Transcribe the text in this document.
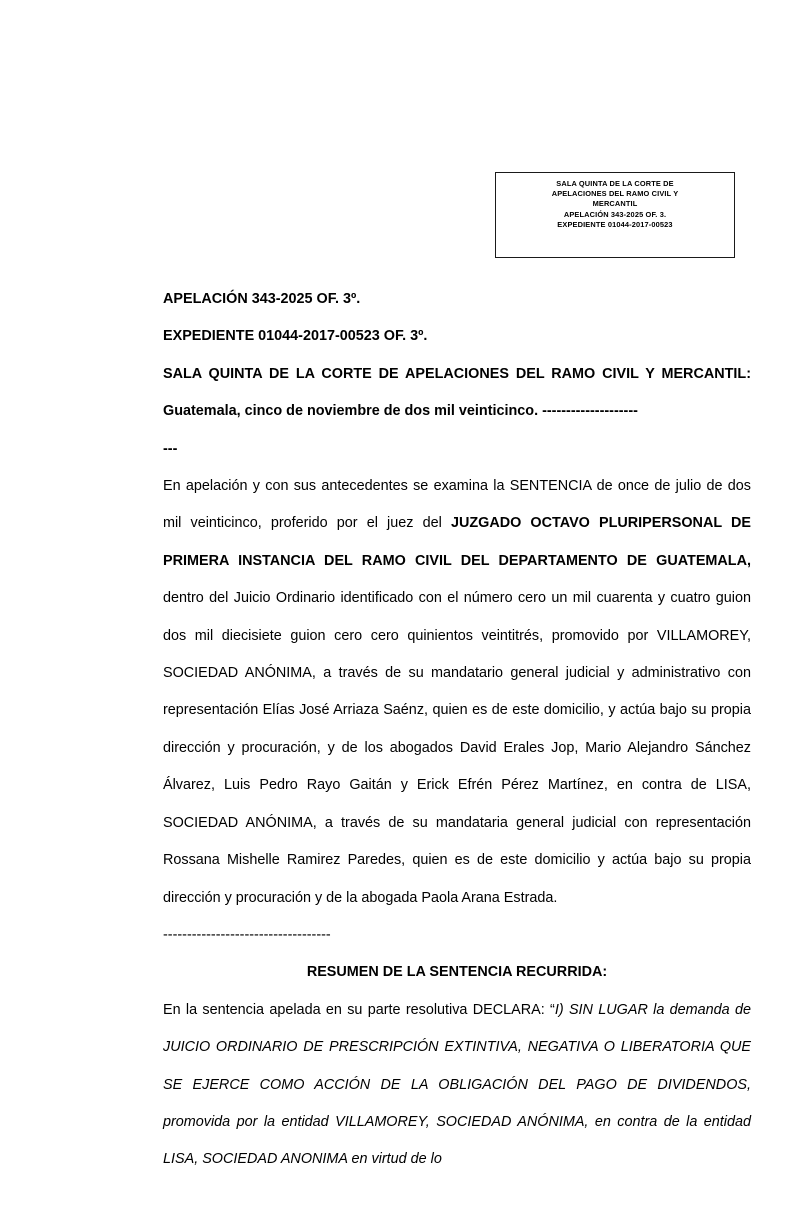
SALA QUINTA DE LA CORTE DE
APELACIONES DEL RAMO CIVIL Y
MERCANTIL
APELACIÓN 343-2025 OF. 3.
EXPEDIENTE 01044-2017-00523
APELACIÓN 343-2025 OF. 3º.
EXPEDIENTE 01044-2017-00523 OF. 3º.
SALA QUINTA DE LA CORTE DE APELACIONES DEL RAMO CIVIL Y MERCANTIL: Guatemala, cinco de noviembre de dos mil veinticinco. --------------------
---
En apelación y con sus antecedentes se examina la SENTENCIA de once de julio de dos mil veinticinco, proferido por el juez del JUZGADO OCTAVO PLURIPERSONAL DE PRIMERA INSTANCIA DEL RAMO CIVIL DEL DEPARTAMENTO DE GUATEMALA, dentro del Juicio Ordinario identificado con el número cero un mil cuarenta y cuatro guion dos mil diecisiete guion cero cero quinientos veintitrés, promovido por VILLAMOREY, SOCIEDAD ANÓNIMA, a través de su mandatario general judicial y administrativo con representación Elías José Arriaza Saénz, quien es de este domicilio, y actúa bajo su propia dirección y procuración, y de los abogados David Erales Jop, Mario Alejandro Sánchez Álvarez, Luis Pedro Rayo Gaitán y Erick Efrén Pérez Martínez, en contra de LISA, SOCIEDAD ANÓNIMA, a través de su mandataria general judicial con representación Rossana Mishelle Ramirez Paredes, quien es de este domicilio y actúa bajo su propia dirección y procuración y de la abogada Paola Arana Estrada.
-----------------------------------
RESUMEN DE LA SENTENCIA RECURRIDA:
En la sentencia apelada en su parte resolutiva DECLARA: “I) SIN LUGAR la demanda de JUICIO ORDINARIO DE PRESCRIPCIÓN EXTINTIVA, NEGATIVA O LIBERATORIA QUE SE EJERCE COMO ACCIÓN DE LA OBLIGACIÓN DEL PAGO DE DIVIDENDOS, promovida por la entidad VILLAMOREY, SOCIEDAD ANÓNIMA, en contra de la entidad LISA, SOCIEDAD ANONIMA en virtud de lo
